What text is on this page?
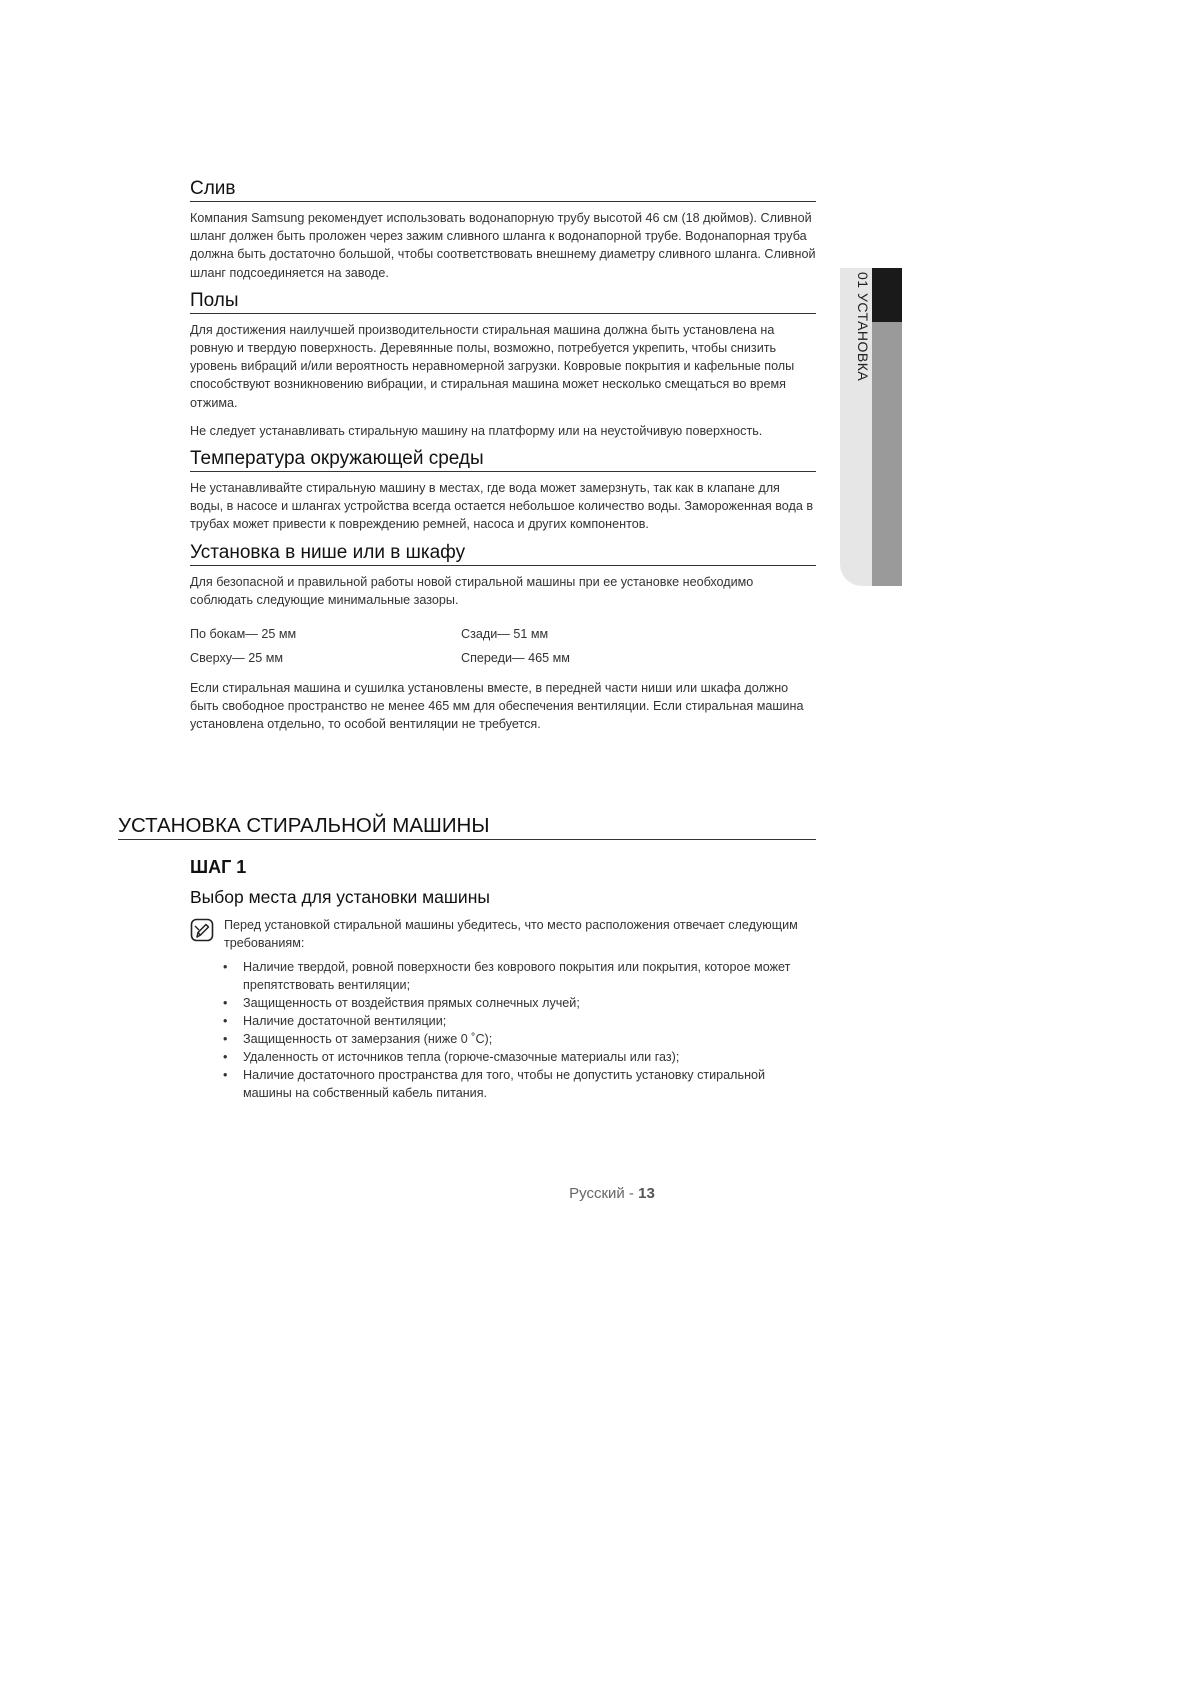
Слив

Компания Samsung рекомендует использовать водонапорную трубу высотой 46 см (18 дюймов). Сливной шланг должен быть проложен через зажим сливного шланга к водонапорной трубе. Водонапорная труба должна быть достаточно большой, чтобы соответствовать внешнему диаметру сливного шланга. Сливной шланг подсоединяется на заводе.

Полы

Для достижения наилучшей производительности стиральная машина должна быть установлена на ровную и твердую поверхность. Деревянные полы, возможно, потребуется укрепить, чтобы снизить уровень вибраций и/или вероятность неравномерной загрузки. Ковровые покрытия и кафельные полы способствуют возникновению вибрации, и стиральная машина может несколько смещаться во время отжима.

Не следует устанавливать стиральную машину на платформу или на неустойчивую поверхность.

Температура окружающей среды

Не устанавливайте стиральную машину в местах, где вода может замерзнуть, так как в клапане для воды, в насосе и шлангах устройства всегда остается небольшое количество воды. Замороженная вода в трубах может привести к повреждению ремней, насоса и других компонентов.

Установка в нише или в шкафу

Для безопасной и правильной работы новой стиральной машины при ее установке необходимо соблюдать следующие минимальные зазоры.

По бокам— 25 мм	Сзади— 51 мм
Сверху— 25 мм	Спереди— 465 мм

Если стиральная машина и сушилка установлены вместе, в передней части ниши или шкафа должно быть свободное пространство не менее 465 мм для обеспечения вентиляции. Если стиральная машина установлена отдельно, то особой вентиляции не требуется.

УСТАНОВКА СТИРАЛЬНОЙ МАШИНЫ
ШАГ 1
Выбор места для установки машины
Перед установкой стиральной машины убедитесь, что место расположения отвечает следующим требованиям:
• Наличие твердой, ровной поверхности без коврового покрытия или покрытия, которое может препятствовать вентиляции;
• Защищенность от воздействия прямых солнечных лучей;
• Наличие достаточной вентиляции;
• Защищенность от замерзания (ниже 0 ˚C);
• Удаленность от источников тепла (горюче-смазочные материалы или газ);
• Наличие достаточного пространства для того, чтобы не допустить установку стиральной машины на собственный кабель питания.
Русский - 13
01 УСТАНОВКА
